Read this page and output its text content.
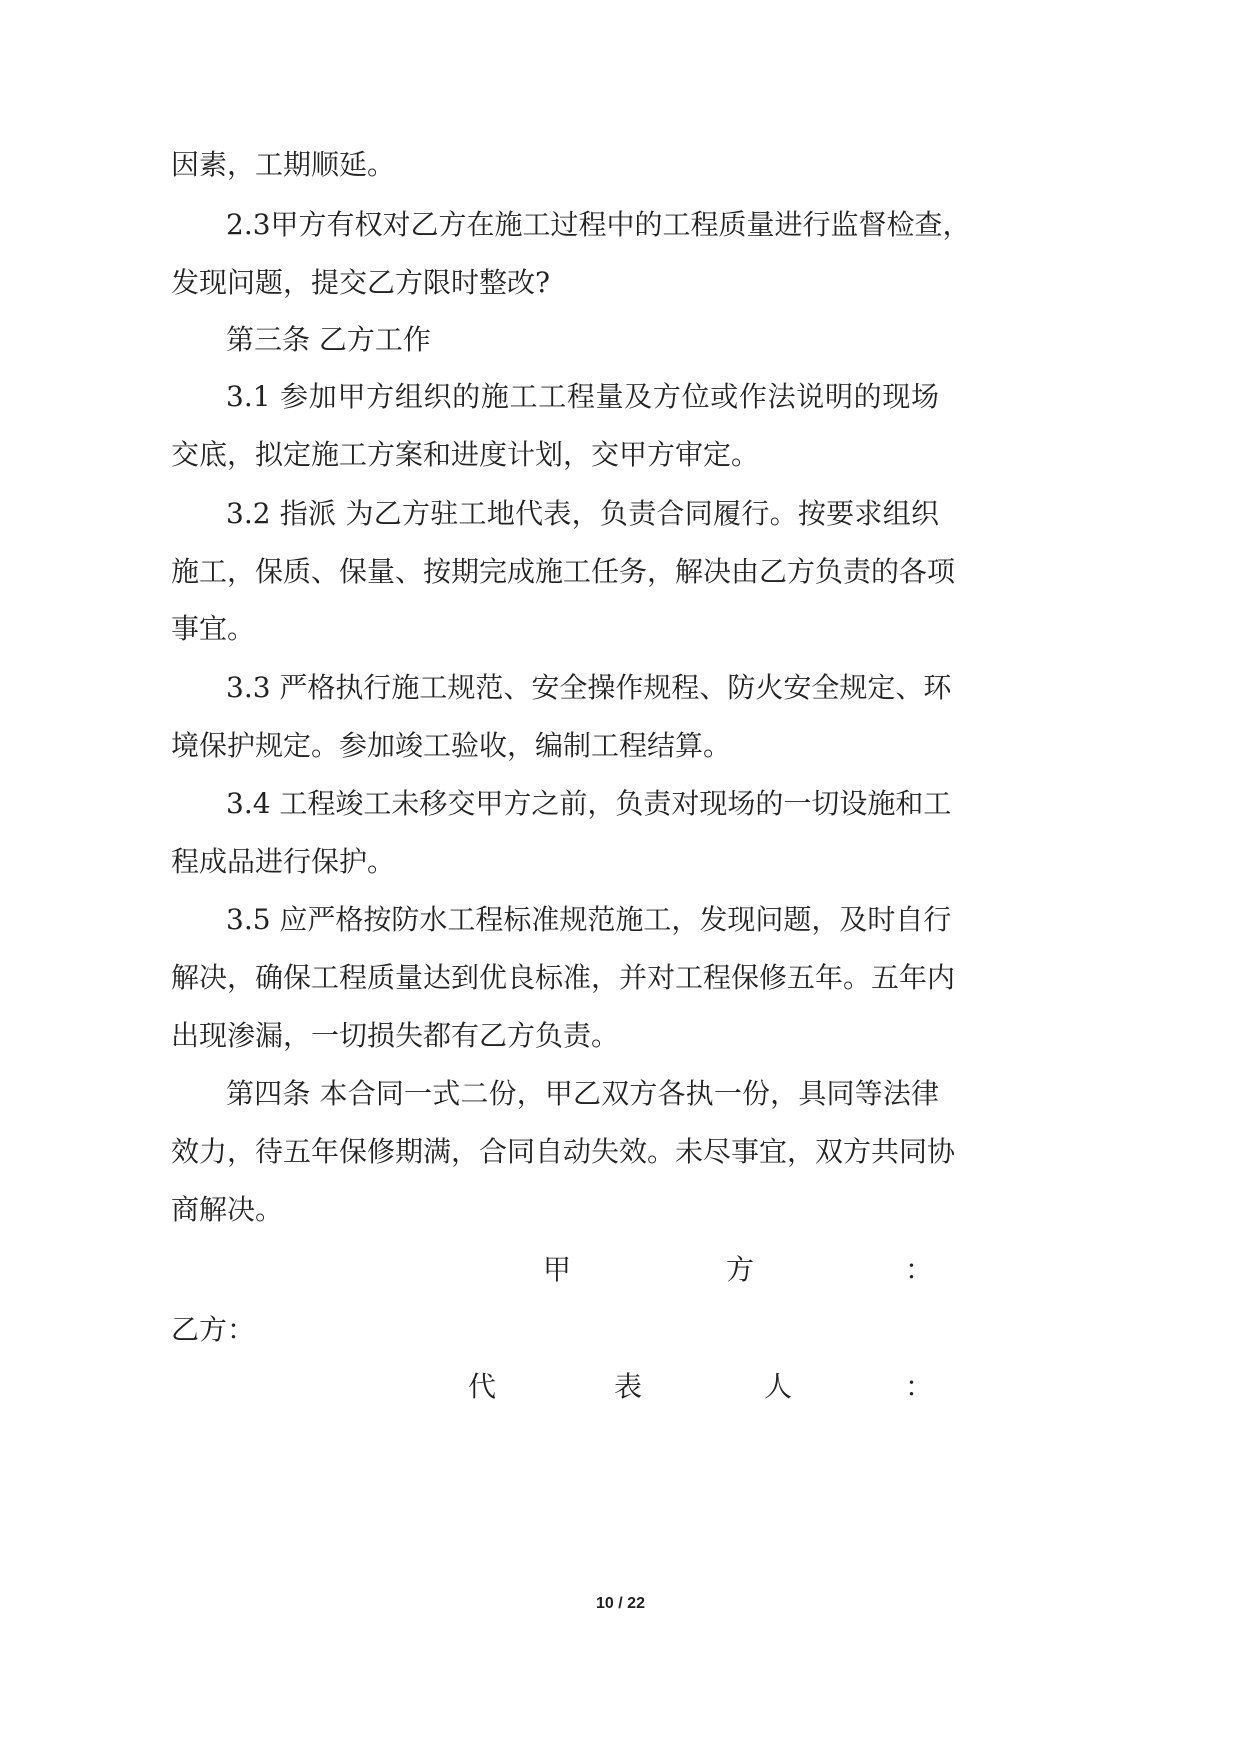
因素，工期顺延。
2.3甲方有权对乙方在施工过程中的工程质量进行监督检查，
发现问题，提交乙方限时整改?
第三条 乙方工作
3.1 参加甲方组织的施工工程量及方位或作法说明的现场
交底，拟定施工方案和进度计划，交甲方审定。
3.2 指派 为乙方驻工地代表，负责合同履行。按要求组织
施工，保质、保量、按期完成施工任务，解决由乙方负责的各项
事宜。
3.3 严格执行施工规范、安全操作规程、防火安全规定、环
境保护规定。参加竣工验收，编制工程结算。
3.4 工程竣工未移交甲方之前，负责对现场的一切设施和工
程成品进行保护。
3.5 应严格按防水工程标准规范施工，发现问题，及时自行
解决，确保工程质量达到优良标准，并对工程保修五年。五年内
出现渗漏，一切损失都有乙方负责。
第四条 本合同一式二份，甲乙双方各执一份，具同等法律
效力，待五年保修期满，合同自动失效。未尽事宜，双方共同协
商解决。
甲	方	：
乙方：
代	表	人	：
10 / 22
